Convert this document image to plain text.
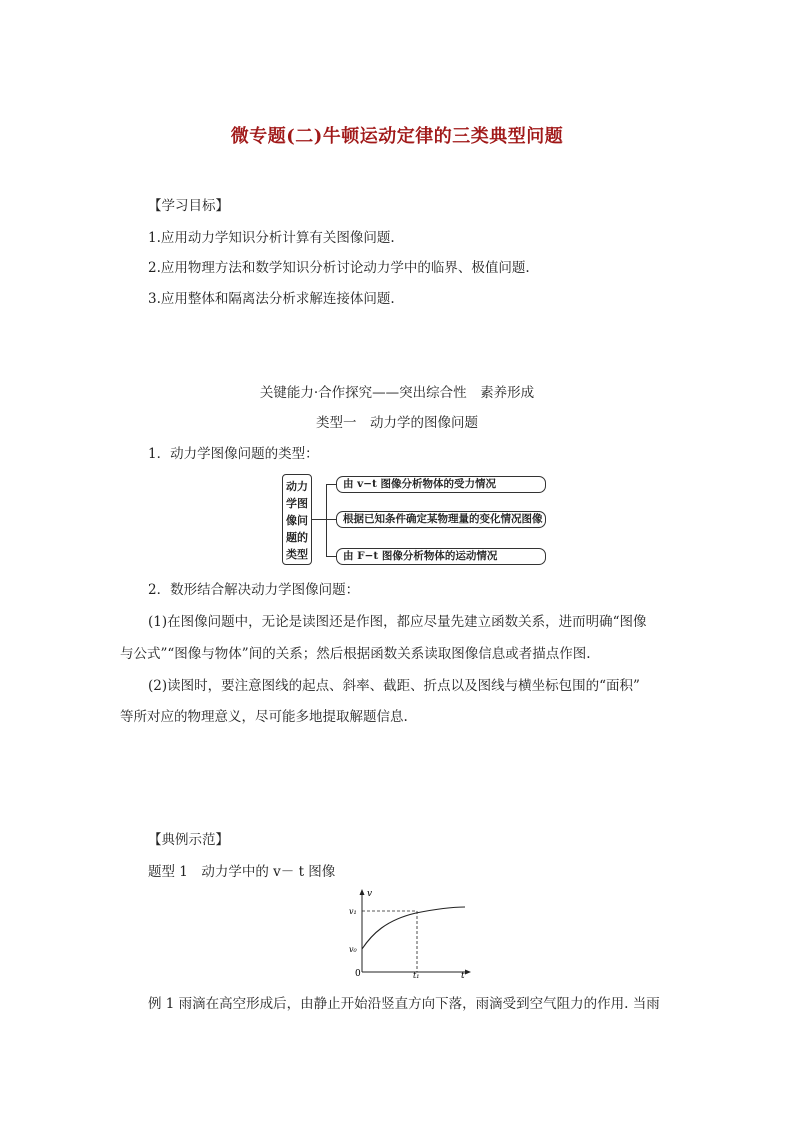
微专题(二)牛顿运动定律的三类典型问题
【学习目标】
1.应用动力学知识分析计算有关图像问题.
2.应用物理方法和数学知识分析讨论动力学中的临界、极值问题.
3.应用整体和隔离法分析求解连接体问题.
关键能力·合作探究——突出综合性　素养形成
类型一　动力学的图像问题
1．动力学图像问题的类型：
动力
学图
像问
题的
类型
由 v−t 图像分析物体的受力情况
根据已知条件确定某物理量的变化情况图像
由 F−t 图像分析物体的运动情况
2．数形结合解决动力学图像问题：
(1)在图像问题中，无论是读图还是作图，都应尽量先建立函数关系，进而明确“图像
与公式”“图像与物体”间的关系；然后根据函数关系读取图像信息或者描点作图.
(2)读图时，要注意图线的起点、斜率、截距、折点以及图线与横坐标包围的“面积”
等所对应的物理意义，尽可能多地提取解题信息.
【典例示范】
题型 1　动力学中的 v－ t 图像
v
v₁
v₀
0	t₁	t
例 1 雨滴在高空形成后，由静止开始沿竖直方向下落，雨滴受到空气阻力的作用. 当雨
